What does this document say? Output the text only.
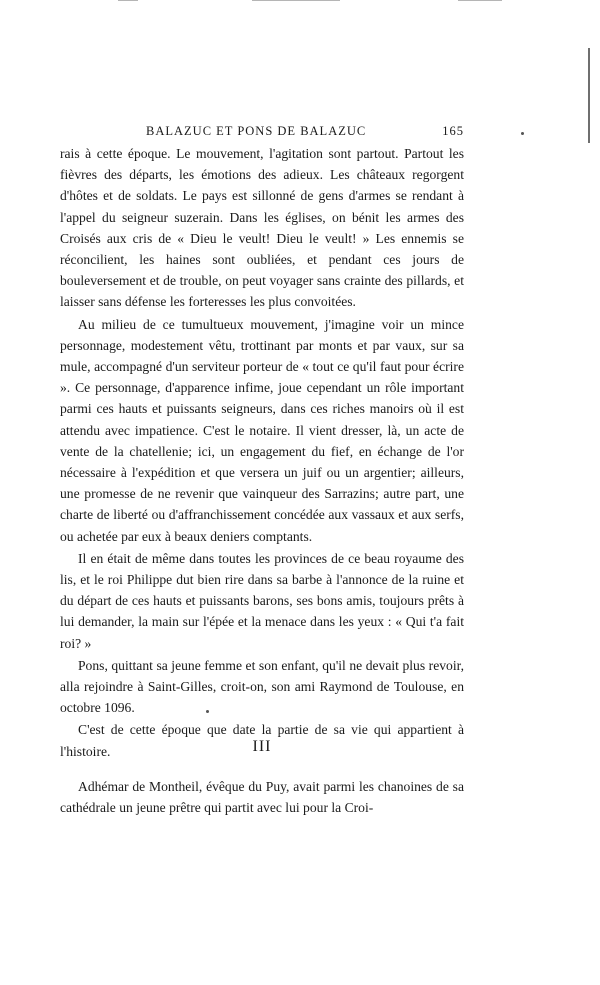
BALAZUC ET PONS DE BALAZUC	165

rais à cette époque. Le mouvement, l'agitation sont partout. Partout les fièvres des départs, les émotions des adieux. Les châteaux regorgent d'hôtes et de soldats. Le pays est sillonné de gens d'armes se rendant à l'appel du seigneur suzerain. Dans les églises, on bénit les armes des Croisés aux cris de « Dieu le veult! Dieu le veult! » Les ennemis se réconcilient, les haines sont oubliées, et pendant ces jours de bouleversement et de trouble, on peut voyager sans crainte des pillards, et laisser sans défense les forteresses les plus convoitées.

Au milieu de ce tumultueux mouvement, j'imagine voir un mince personnage, modestement vêtu, trottinant par monts et par vaux, sur sa mule, accompagné d'un serviteur porteur de « tout ce qu'il faut pour écrire ». Ce personnage, d'apparence infime, joue cependant un rôle important parmi ces hauts et puissants seigneurs, dans ces riches manoirs où il est attendu avec impatience. C'est le notaire. Il vient dresser, là, un acte de vente de la chatellenie; ici, un engagement du fief, en échange de l'or nécessaire à l'expédition et que versera un juif ou un argentier; ailleurs, une promesse de ne revenir que vainqueur des Sarrazins; autre part, une charte de liberté ou d'affranchissement concédée aux vassaux et aux serfs, ou achetée par eux à beaux deniers comptants.

Il en était de même dans toutes les provinces de ce beau royaume des lis, et le roi Philippe dut bien rire dans sa barbe à l'annonce de la ruine et du départ de ces hauts et puissants barons, ses bons amis, toujours prêts à lui demander, la main sur l'épée et la menace dans les yeux : « Qui t'a fait roi? »

Pons, quittant sa jeune femme et son enfant, qu'il ne devait plus revoir, alla rejoindre à Saint-Gilles, croit-on, son ami Raymond de Toulouse, en octobre 1096.

C'est de cette époque que date la partie de sa vie qui appartient à l'histoire.	III

Adhémar de Montheil, évêque du Puy, avait parmi les chanoines de sa cathédrale un jeune prêtre qui partit avec lui pour la Croi-
